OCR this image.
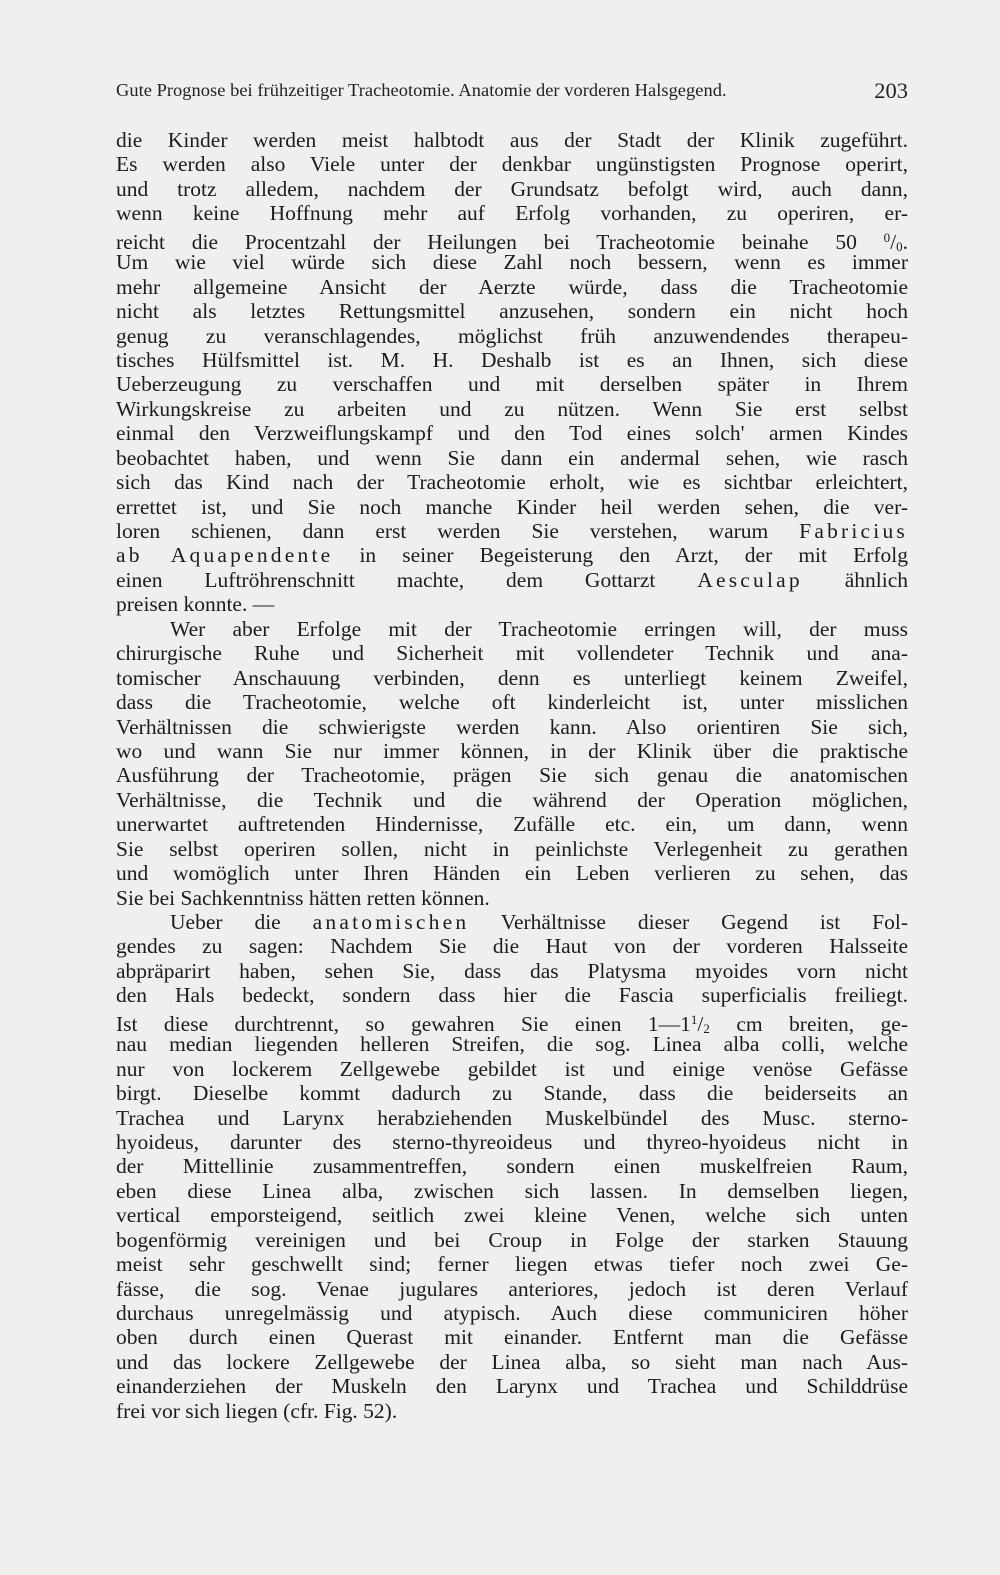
Gute Prognose bei frühzeitiger Tracheotomie. Anatomie der vorderen Halsgegend.	203
die Kinder werden meist halbtodt aus der Stadt der Klinik zugeführt.
Es werden also Viele unter der denkbar ungünstigsten Prognose operirt,
und trotz alledem, nachdem der Grundsatz befolgt wird, auch dann,
wenn keine Hoffnung mehr auf Erfolg vorhanden, zu operiren, er-
reicht die Procentzahl der Heilungen bei Tracheotomie beinahe 50 $^0$/0.
Um wie viel würde sich diese Zahl noch bessern, wenn es immer
mehr allgemeine Ansicht der Aerzte würde, dass die Tracheotomie
nicht als letztes Rettungsmittel anzusehen, sondern ein nicht hoch
genug zu veranschlagendes, möglichst früh anzuwendendes therapeu-
tisches Hülfsmittel ist. M. H. Deshalb ist es an Ihnen, sich diese
Ueberzeugung zu verschaffen und mit derselben später in Ihrem
Wirkungskreise zu arbeiten und zu nützen. Wenn Sie erst selbst
einmal den Verzweiflungskampf und den Tod eines solch' armen Kindes
beobachtet haben, und wenn Sie dann ein andermal sehen, wie rasch
sich das Kind nach der Tracheotomie erholt, wie es sichtbar erleichtert,
errettet ist, und Sie noch manche Kinder heil werden sehen, die ver-
loren schienen, dann erst werden Sie verstehen, warum Fabricius
ab Aquapendente in seiner Begeisterung den Arzt, der mit Erfolg
einen Luftröhrenschnitt machte, dem Gottarzt Aesculap ähnlich
preisen konnte. —
Wer aber Erfolge mit der Tracheotomie erringen will, der muss
chirurgische Ruhe und Sicherheit mit vollendeter Technik und ana-
tomischer Anschauung verbinden, denn es unterliegt keinem Zweifel,
dass die Tracheotomie, welche oft kinderleicht ist, unter misslichen
Verhältnissen die schwierigste werden kann. Also orientiren Sie sich,
wo und wann Sie nur immer können, in der Klinik über die praktische
Ausführung der Tracheotomie, prägen Sie sich genau die anatomischen
Verhältnisse, die Technik und die während der Operation möglichen,
unerwartet auftretenden Hindernisse, Zufälle etc. ein, um dann, wenn
Sie selbst operiren sollen, nicht in peinlichste Verlegenheit zu gerathen
und womöglich unter Ihren Händen ein Leben verlieren zu sehen, das
Sie bei Sachkenntniss hätten retten können.
Ueber die anatomischen Verhältnisse dieser Gegend ist Fol-
gendes zu sagen: Nachdem Sie die Haut von der vorderen Halsseite
abpräparirt haben, sehen Sie, dass das Platysma myoides vorn nicht
den Hals bedeckt, sondern dass hier die Fascia superficialis freiliegt.
Ist diese durchtrennt, so gewahren Sie einen $1—1^1/2$ cm breiten, ge-
nau median liegenden helleren Streifen, die sog. Linea alba colli, welche
nur von lockerem Zellgewebe gebildet ist und einige venöse Gefässe
birgt. Dieselbe kommt dadurch zu Stande, dass die beiderseits an
Trachea und Larynx herabziehenden Muskelbündel des Musc. sterno-
hyoideus, darunter des sterno-thyreoideus und thyreo-hyoideus nicht in
der Mittellinie zusammentreffen, sondern einen muskelfreien Raum,
eben diese Linea alba, zwischen sich lassen. In demselben liegen,
vertical emporsteigend, seitlich zwei kleine Venen, welche sich unten
bogenförmig vereinigen und bei Croup in Folge der starken Stauung
meist sehr geschwellt sind; ferner liegen etwas tiefer noch zwei Ge-
fässe, die sog. Venae jugulares anteriores, jedoch ist deren Verlauf
durchaus unregelmässig und atypisch. Auch diese communiciren höher
oben durch einen Querast mit einander. Entfernt man die Gefässe
und das lockere Zellgewebe der Linea alba, so sieht man nach Aus-
einanderziehen der Muskeln den Larynx und Trachea und Schilddrüse
frei vor sich liegen (cfr. Fig. 52).
